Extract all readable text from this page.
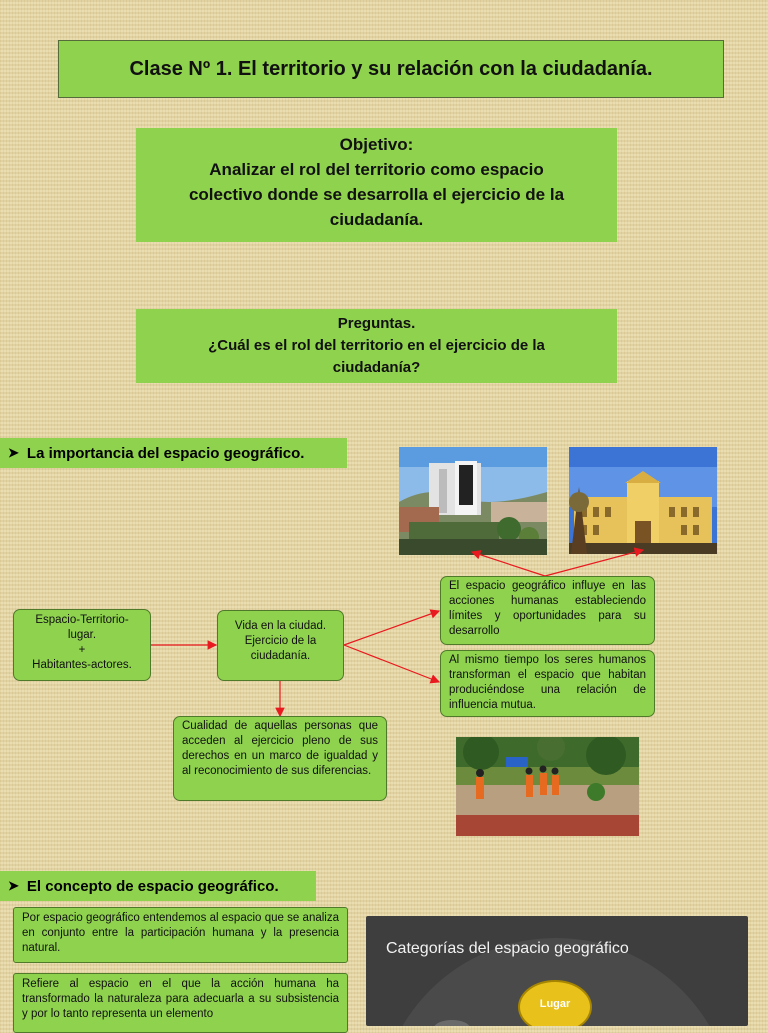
Clase Nº 1. El territorio y su relación con la ciudadanía.
Objetivo:
Analizar el rol del territorio como espacio
colectivo donde se desarrolla el ejercicio de la
ciudadanía.
Preguntas.
¿Cuál es el rol del territorio en el ejercicio de la
ciudadanía?
➤ La importancia del espacio geográfico.
Espacio-Territorio-
lugar.
+
Habitantes-actores.
Vida en la ciudad.
Ejercicio de la
ciudadanía.
El espacio geográfico influye en las acciones humanas estableciendo límites y oportunidades para su desarrollo
Al mismo tiempo los seres humanos transforman el espacio que habitan produciéndose una relación de influencia mutua.
Cualidad de aquellas personas que acceden al ejercicio pleno de sus derechos en un marco de igualdad y al reconocimiento de sus diferencias.
➤ El concepto de espacio geográfico.
Por espacio geográfico entendemos al espacio que se analiza en conjunto entre la participación humana y la presencia natural.
Refiere al espacio en el que la acción humana ha transformado la naturaleza para adecuarla a su subsistencia y por lo tanto representa un elemento
Categorías del espacio geográfico
Lugar
